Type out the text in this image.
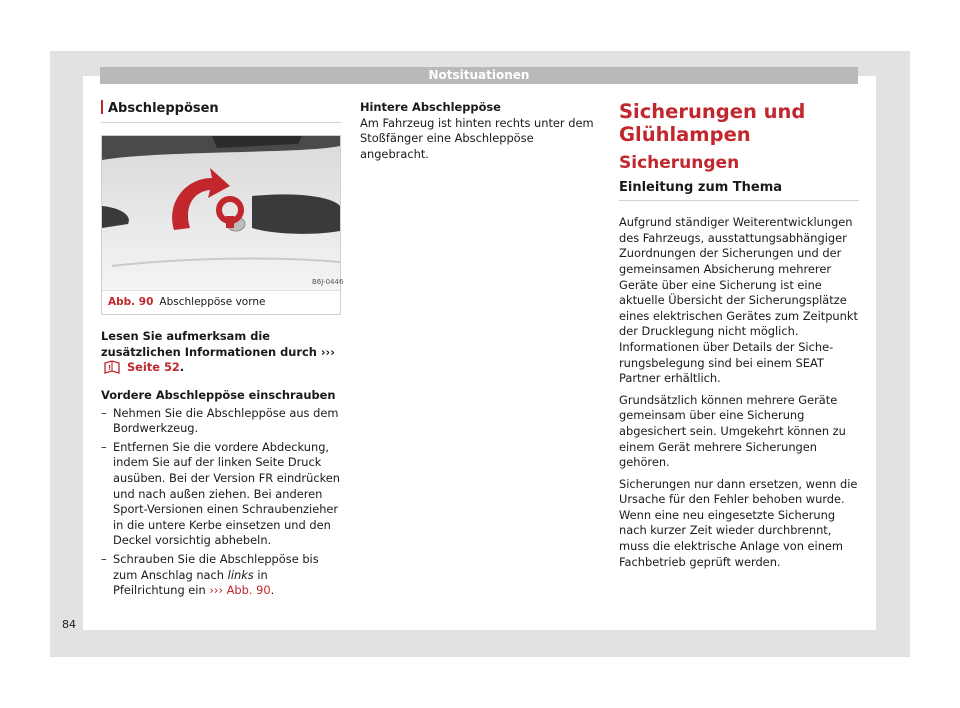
Notsituationen
Abschleppösen
B6J-0446
Abb. 90 Abschleppöse vorne
Lesen Sie aufmerksam die zusätzlichen Informationen durch ›››
! Seite 52.
Vordere Abschleppöse einschrauben
– Nehmen Sie die Abschleppöse aus dem Bordwerkzeug.
– Entfernen Sie die vordere Abdeckung, indem Sie auf der linken Seite Druck ausüben. Bei der Version FR eindrücken und nach außen ziehen. Bei anderen Sport-Versionen einen Schraubenzieher in die untere Kerbe einsetzen und den Deckel vorsichtig abhebeln.
– Schrauben Sie die Abschleppöse bis zum Anschlag nach links in Pfeilrichtung ein ››› Abb. 90.
Hintere Abschleppöse

Am Fahrzeug ist hinten rechts unter dem Stoßfänger eine Abschleppöse angebracht.

Sicherungen und Glühlampen
Sicherungen
Einleitung zum Thema

Aufgrund ständiger Weiterentwicklungen des Fahrzeugs, ausstattungsabhängiger Zuordnungen der Sicherungen und der gemeinsamen Absicherung mehrerer Geräte über eine Sicherung ist eine aktuelle Übersicht der Sicherungsplätze eines elektrischen Gerätes zum Zeitpunkt der Drucklegung nicht möglich. Informationen über Details der Sicherungsbelegung sind bei einem SEAT Partner erhältlich.

Grundsätzlich können mehrere Geräte gemeinsam über eine Sicherung abgesichert sein. Umgekehrt können zu einem Gerät mehrere Sicherungen gehören.

Sicherungen nur dann ersetzen, wenn die Ursache für den Fehler behoben wurde. Wenn eine neu eingesetzte Sicherung nach kurzer Zeit wieder durchbrennt, muss die elektrische Anlage von einem Fachbetrieb geprüft werden.

84
